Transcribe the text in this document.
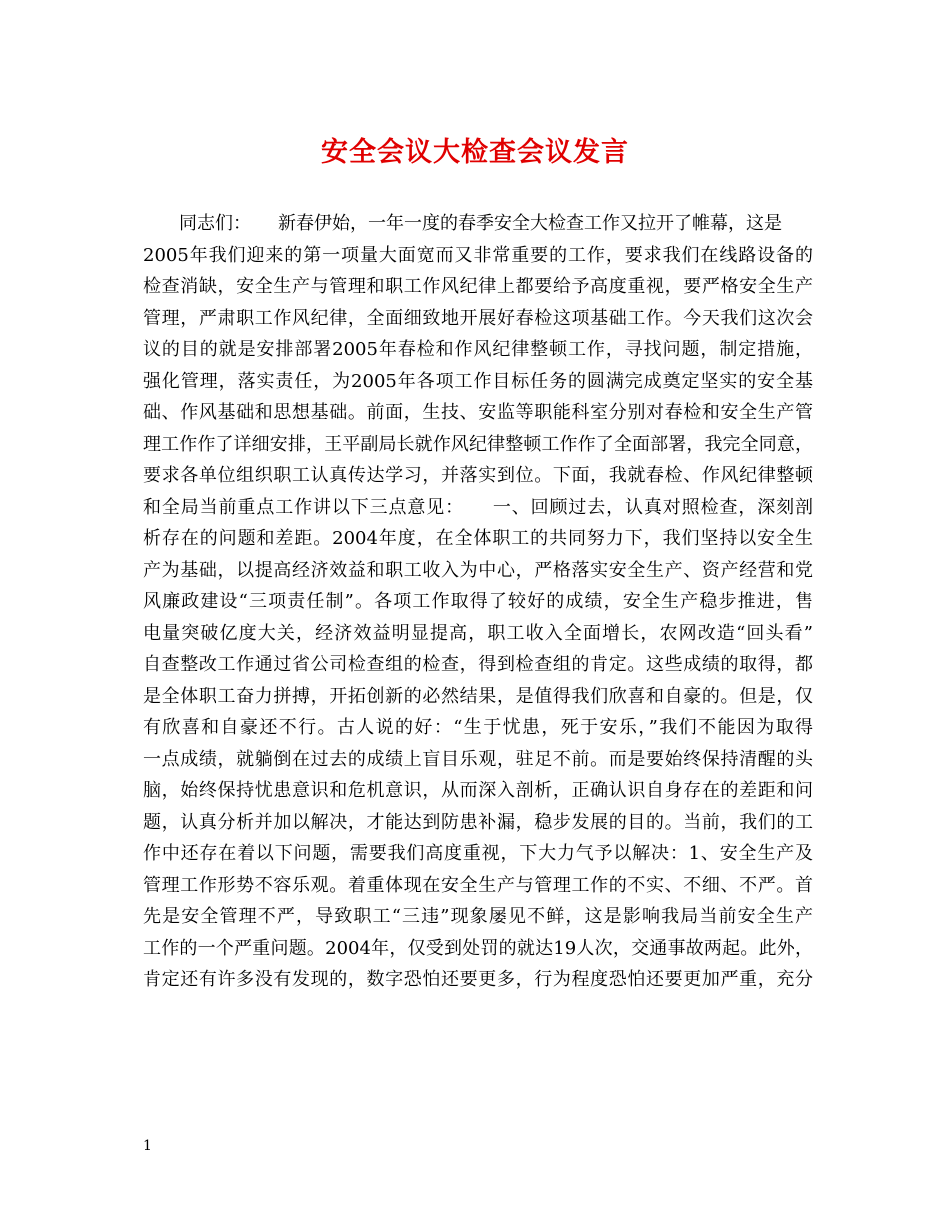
安全会议大检查会议发言
同志们：　　新春伊始，一年一度的春季安全大检查工作又拉开了帷幕，这是
2005年我们迎来的第一项量大面宽而又非常重要的工作，要求我们在线路设备的
检查消缺，安全生产与管理和职工作风纪律上都要给予高度重视，要严格安全生产
管理，严肃职工作风纪律，全面细致地开展好春检这项基础工作。今天我们这次会
议的目的就是安排部署2005年春检和作风纪律整顿工作，寻找问题，制定措施，
强化管理，落实责任，为2005年各项工作目标任务的圆满完成奠定坚实的安全基
础、作风基础和思想基础。前面，生技、安监等职能科室分别对春检和安全生产管
理工作作了详细安排，王平副局长就作风纪律整顿工作作了全面部署，我完全同意，
要求各单位组织职工认真传达学习，并落实到位。下面，我就春检、作风纪律整顿
和全局当前重点工作讲以下三点意见：　　一、回顾过去，认真对照检查，深刻剖
析存在的问题和差距。2004年度，在全体职工的共同努力下，我们坚持以安全生
产为基础，以提高经济效益和职工收入为中心，严格落实安全生产、资产经营和党
风廉政建设“三项责任制”。各项工作取得了较好的成绩，安全生产稳步推进，售
电量突破亿度大关，经济效益明显提高，职工收入全面增长，农网改造“回头看”
自查整改工作通过省公司检查组的检查，得到检查组的肯定。这些成绩的取得，都
是全体职工奋力拼搏，开拓创新的必然结果，是值得我们欣喜和自豪的。但是，仅
有欣喜和自豪还不行。古人说的好：“生于忧患，死于安乐，”我们不能因为取得
一点成绩，就躺倒在过去的成绩上盲目乐观，驻足不前。而是要始终保持清醒的头
脑，始终保持忧患意识和危机意识，从而深入剖析，正确认识自身存在的差距和问
题，认真分析并加以解决，才能达到防患补漏，稳步发展的目的。当前，我们的工
作中还存在着以下问题，需要我们高度重视，下大力气予以解决：1、安全生产及
管理工作形势不容乐观。着重体现在安全生产与管理工作的不实、不细、不严。首
先是安全管理不严，导致职工“三违”现象屡见不鲜，这是影响我局当前安全生产
工作的一个严重问题。2004年，仅受到处罚的就达19人次，交通事故两起。此外，
肯定还有许多没有发现的，数字恐怕还要更多，行为程度恐怕还要更加严重，充分
1
